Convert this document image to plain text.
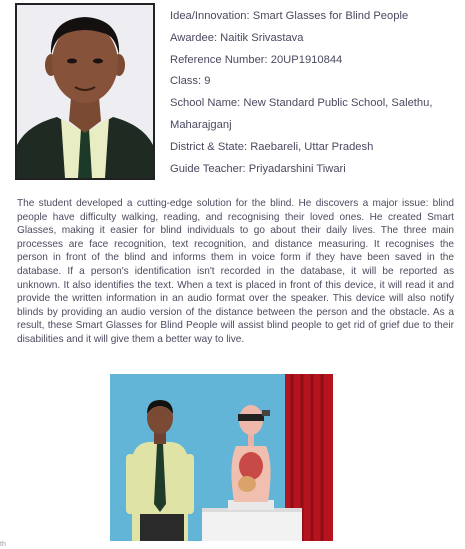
Idea/Innovation: Smart Glasses for Blind People
Awardee: Naitik Srivastava
Reference Number: 20UP1910844
Class: 9
School Name: New Standard Public School, Salethu,
Maharajganj
District & State: Raebareli, Uttar Pradesh
Guide Teacher: Priyadarshini Tiwari

The student developed a cutting-edge solution for the blind. He discovers a major issue: blind people have difficulty walking, reading, and recognising their loved ones. He created Smart Glasses, making it easier for blind individuals to go about their daily lives. The three main processes are face recognition, text recognition, and distance measuring. It recognises the person in front of the blind and informs them in voice form if they have been saved in the database. If a person's identification isn't recorded in the database, it will be reported as unknown. It also identifies the text. When a text is placed in front of this device, it will read it and provide the written information in an audio format over the speaker. This device will also notify blinds by providing an audio version of the distance between the person and the obstacle. As a result, these Smart Glasses for Blind People will assist blind people to get rid of grief due to their disabilities and it will give them a better way to live.

th
